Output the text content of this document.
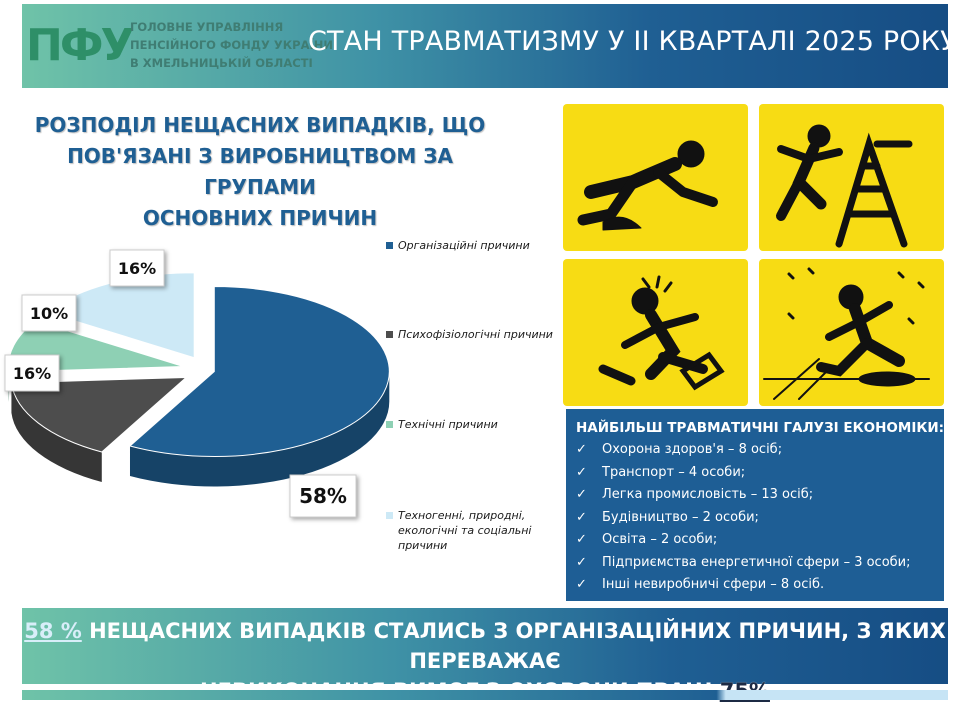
ПФУ
ГОЛОВНЕ УПРАВЛІННЯ
ПЕНСІЙНОГО ФОНДУ УКРАЇНИ
В ХМЕЛЬНИЦЬКІЙ ОБЛАСТІ
СТАН ТРАВМАТИЗМУ У ІІ КВАРТАЛІ 2025 РОКУ
РОЗПОДІЛ НЕЩАСНИХ ВИПАДКІВ, ЩО
ПОВ'ЯЗАНІ З ВИРОБНИЦТВОМ ЗА ГРУПАМИ
ОСНОВНИХ ПРИЧИН
58%
16%
10%
16%
Організаційні причини
Психофізіологічні причини
Технічні причини
Техногенні, природні, екологічні та соціальні причини
НАЙБІЛЬШ ТРАВМАТИЧНІ ГАЛУЗІ ЕКОНОМІКИ:
✓ Охорона здоров'я – 8 осіб;
✓ Транспорт – 4 особи;
✓ Легка промисловість – 13 осіб;
✓ Будівництво – 2 особи;
✓ Освіта – 2 особи;
✓ Підприємства енергетичної сфери – 3 особи;
✓ Інші невиробничі сфери – 8 осіб.
58 % НЕЩАСНИХ ВИПАДКІВ СТАЛИСЬ З ОРГАНІЗАЦІЙНИХ ПРИЧИН, З ЯКИХ ПЕРЕВАЖАЄ
